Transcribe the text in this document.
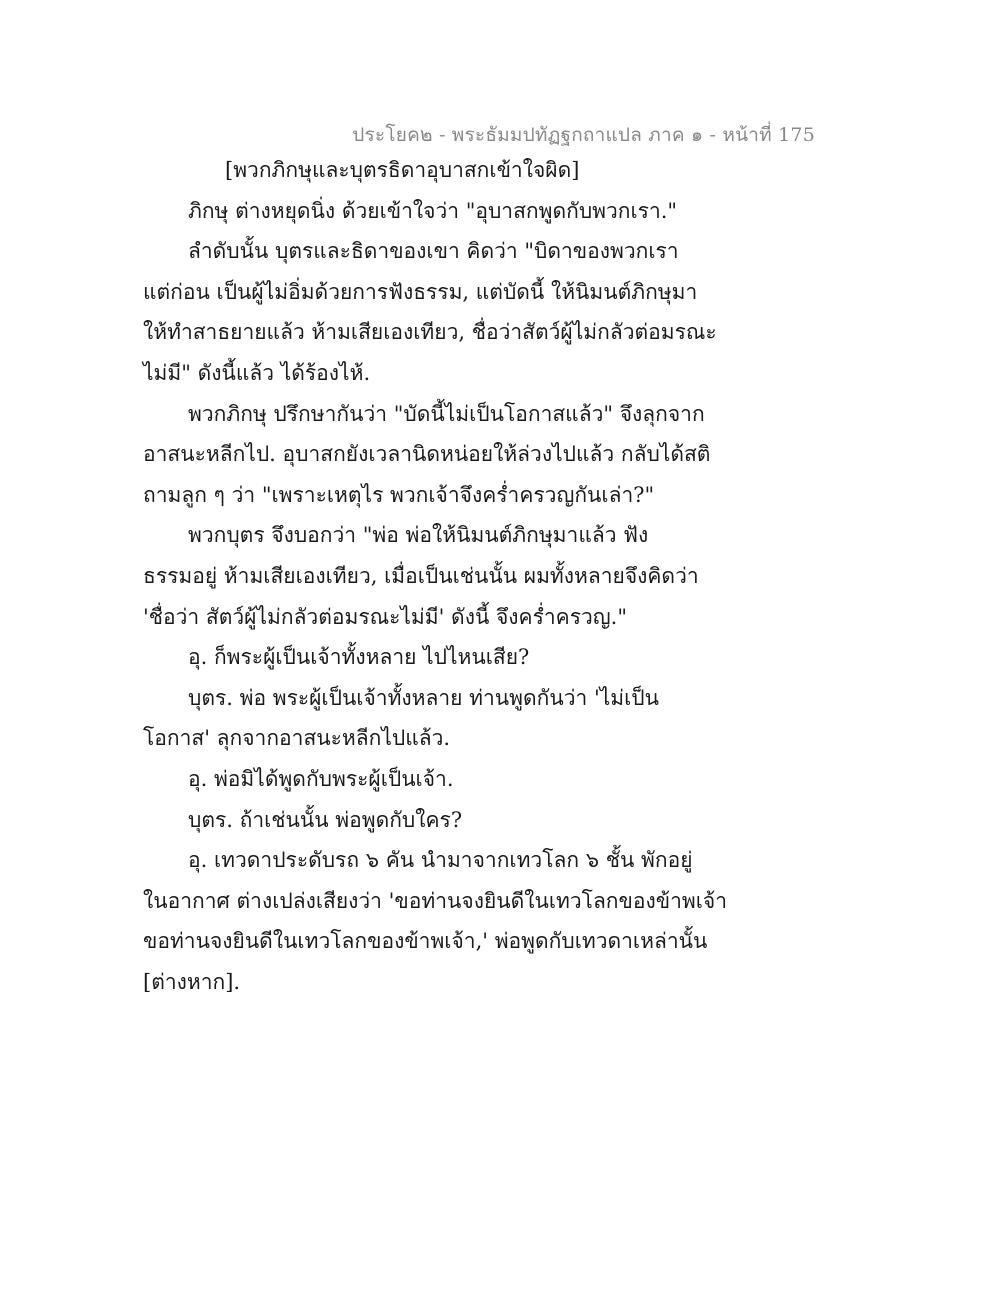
ประโยค๒ - พระธัมมปทัฏฐกถาแปล ภาค ๑ - หน้าที่ 175
[พวกภิกษุและบุตรธิดาอุบาสกเข้าใจผิด]
ภิกษุ ต่างหยุดนิ่ง ด้วยเข้าใจว่า "อุบาสกพูดกับพวกเรา."
ลำดับนั้น บุตรและธิดาของเขา คิดว่า "บิดาของพวกเรา
แต่ก่อน เป็นผู้ไม่อิ่มด้วยการฟังธรรม, แต่บัดนี้ ให้นิมนต์ภิกษุมา
ให้ทำสาธยายแล้ว ห้ามเสียเองเทียว, ชื่อว่าสัตว์ผู้ไม่กลัวต่อมรณะ
ไม่มี" ดังนี้แล้ว ได้ร้องไห้.
พวกภิกษุ ปรึกษากันว่า "บัดนี้ไม่เป็นโอกาสแล้ว" จึงลุกจาก
อาสนะหลีกไป. อุบาสกยังเวลานิดหน่อยให้ล่วงไปแล้ว กลับได้สติ
ถามลูก ๆ ว่า "เพราะเหตุไร พวกเจ้าจึงคร่ำครวญกันเล่า?"
พวกบุตร จึงบอกว่า "พ่อ พ่อให้นิมนต์ภิกษุมาแล้ว ฟัง
ธรรมอยู่ ห้ามเสียเองเทียว, เมื่อเป็นเช่นนั้น ผมทั้งหลายจึงคิดว่า
'ชื่อว่า สัตว์ผู้ไม่กลัวต่อมรณะไม่มี' ดังนี้ จึงคร่ำครวญ."
อุ. ก็พระผู้เป็นเจ้าทั้งหลาย ไปไหนเสีย?
บุตร. พ่อ พระผู้เป็นเจ้าทั้งหลาย ท่านพูดกันว่า 'ไม่เป็น
โอกาส' ลุกจากอาสนะหลีกไปแล้ว.
อุ. พ่อมิได้พูดกับพระผู้เป็นเจ้า.
บุตร. ถ้าเช่นนั้น พ่อพูดกับใคร?
อุ. เทวดาประดับรถ ๖ คัน นำมาจากเทวโลก ๖ ชั้น พักอยู่
ในอากาศ ต่างเปล่งเสียงว่า 'ขอท่านจงยินดีในเทวโลกของข้าพเจ้า
ขอท่านจงยินดีในเทวโลกของข้าพเจ้า,' พ่อพูดกับเทวดาเหล่านั้น
[ต่างหาก].
